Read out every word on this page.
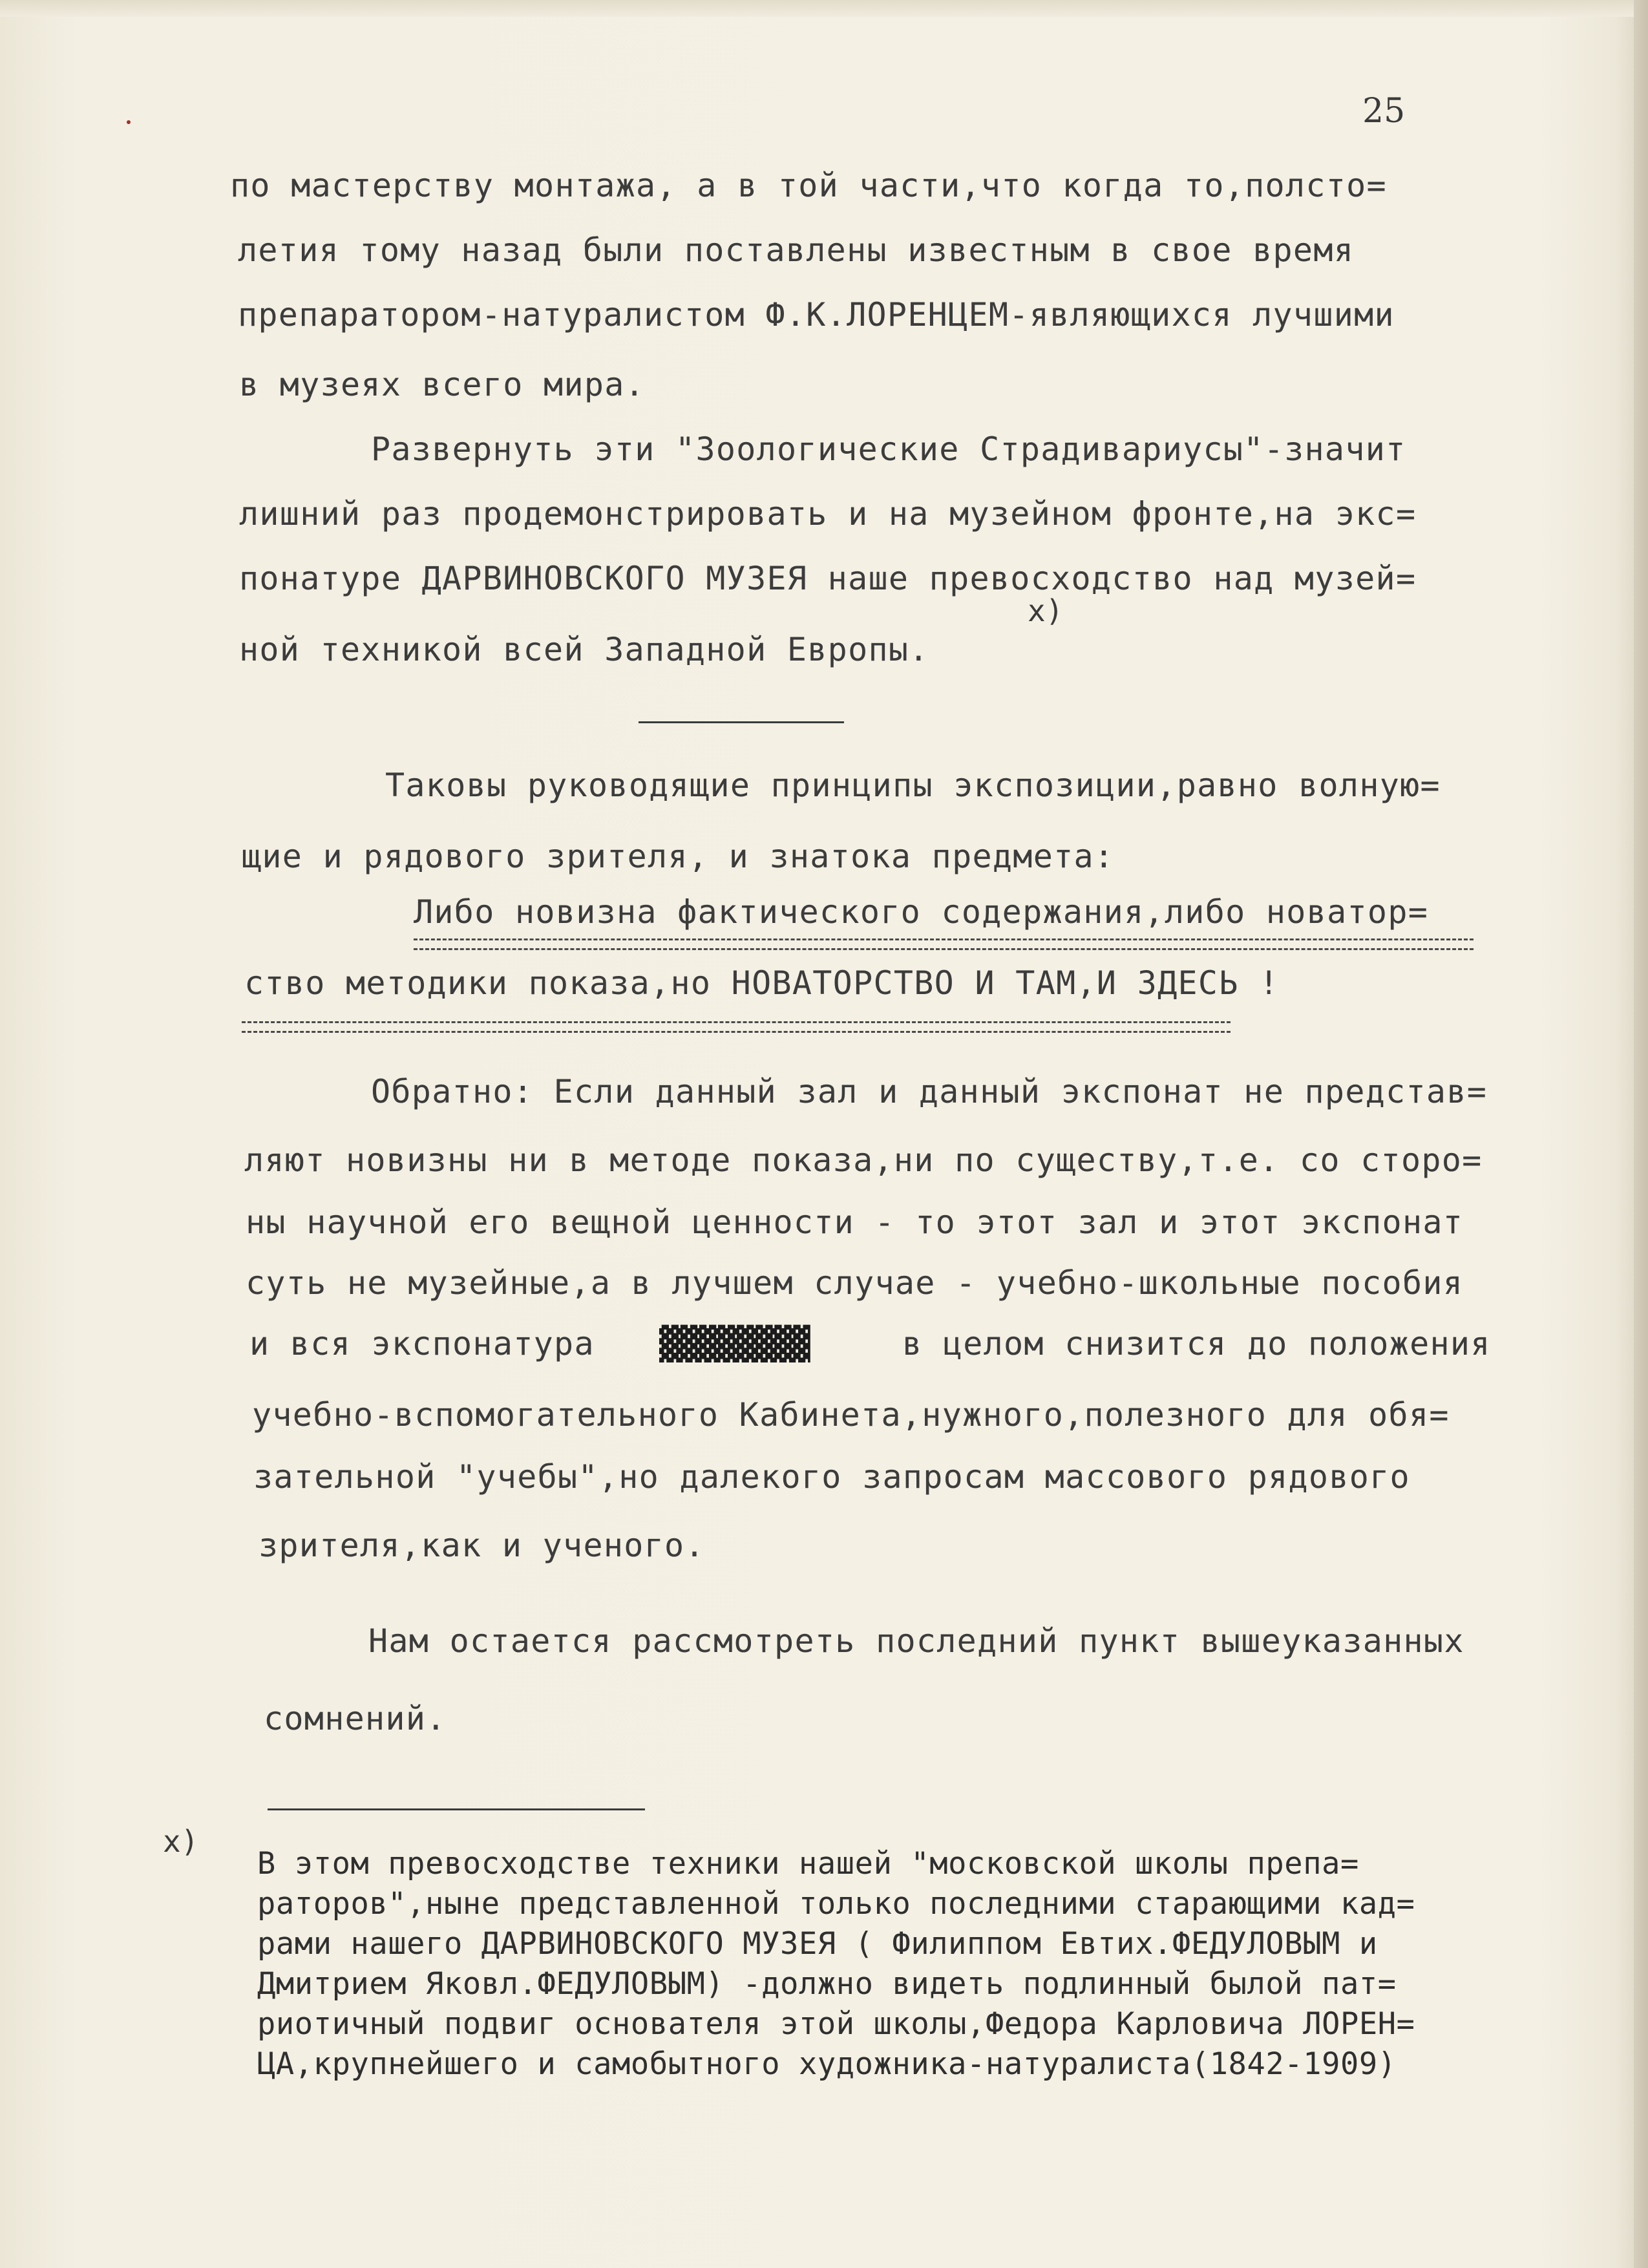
25
по мастерству монтажа, а в той части,что когда то,полсто=
летия тому назад были поставлены известным в свое время
препаратором-натуралистом Ф.К.ЛОРЕНЦЕМ-являющихся лучшими
в музеях всего мира.
Развернуть эти "Зоологические Страдивариусы"-значит
лишний раз продемонстрировать и на музейном фронте,на экс=
понатуре ДАРВИНОВСКОГО МУЗЕЯ наше превосходство над музей=
x)
ной техникой всей Западной Европы.
Таковы руководящие принципы экспозиции,равно волную=
щие и рядового зрителя, и знатока предмета:
Либо новизна фактического содержания,либо новатор=
ство методики показа,но НОВАТОРСТВО И ТАМ,И ЗДЕСЬ !
Обратно: Если данный зал и данный экспонат не представ=
ляют новизны ни в методе показа,ни по существу,т.е. со сторо=
ны научной его вещной ценности - то этот зал и этот экспонат
суть не музейные,а в лучшем случае - учебно-школьные пособия
и вся экспонатура ▓▓▓▓▓▓▓▓	в целом снизится до положения
учебно-вспомогательного Кабинета,нужного,полезного для обя=
зательной "учебы",но далекого запросам массового рядового
зрителя,как и ученого.
Нам остается рассмотреть последний пункт вышеуказанных
сомнений.
x)
В этом превосходстве техники нашей "московской школы препа=
раторов",ныне представленной только последними старающими кад=
рами нашего ДАРВИНОВСКОГО МУЗЕЯ ( Филиппом Евтих.ФЕДУЛОВЫМ и
Дмитрием Яковл.ФЕДУЛОВЫМ) -должно видеть подлинный былой пат=
риотичный подвиг основателя этой школы,Федора Карловича ЛОРЕН=
ЦА,крупнейшего и самобытного художника-натуралиста(1842-1909)
